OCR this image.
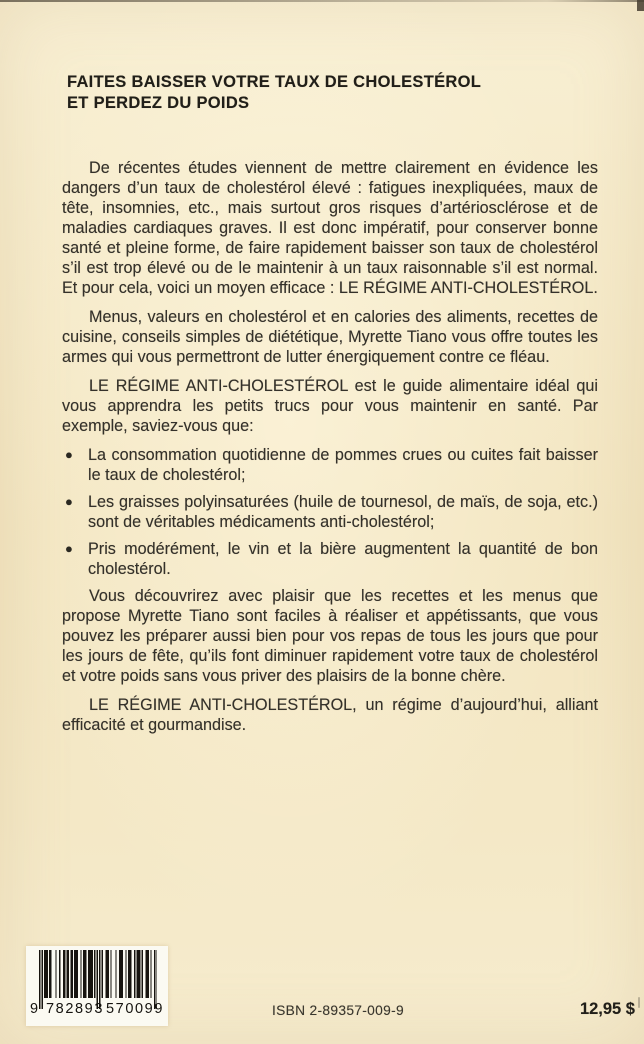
FAITES BAISSER VOTRE TAUX DE CHOLESTÉROL
ET PERDEZ DU POIDS

De récentes études viennent de mettre clairement en évidence les dangers d’un taux de cholestérol élevé : fatigues inexpliquées, maux de tête, insomnies, etc., mais surtout gros risques d’artériosclérose et de maladies cardiaques graves. Il est donc impératif, pour conserver bonne santé et pleine forme, de faire rapidement baisser son taux de cholestérol s’il est trop élevé ou de le maintenir à un taux raisonnable s’il est normal. Et pour cela, voici un moyen efficace : LE RÉGIME ANTI-CHOLESTÉROL.

Menus, valeurs en cholestérol et en calories des aliments, recettes de cuisine, conseils simples de diététique, Myrette Tiano vous offre toutes les armes qui vous permettront de lutter énergiquement contre ce fléau.

LE RÉGIME ANTI-CHOLESTÉROL est le guide alimentaire idéal qui vous apprendra les petits trucs pour vous maintenir en santé. Par exemple, saviez-vous que:

● La consommation quotidienne de pommes crues ou cuites fait baisser le taux de cholestérol;
● Les graisses polyinsaturées (huile de tournesol, de maïs, de soja, etc.) sont de véritables médicaments anti-cholestérol;
● Pris modérément, le vin et la bière augmentent la quantité de bon cholestérol.

Vous découvrirez avec plaisir que les recettes et les menus que propose Myrette Tiano sont faciles à réaliser et appétissants, que vous pouvez les préparer aussi bien pour vos repas de tous les jours que pour les jours de fête, qu’ils font diminuer rapidement votre taux de cholestérol et votre poids sans vous priver des plaisirs de la bonne chère.

LE RÉGIME ANTI-CHOLESTÉROL, un régime d’aujourd’hui, alliant efficacité et gourmandise.

9 782893 570099	ISBN 2-89357-009-9	12,95 $
